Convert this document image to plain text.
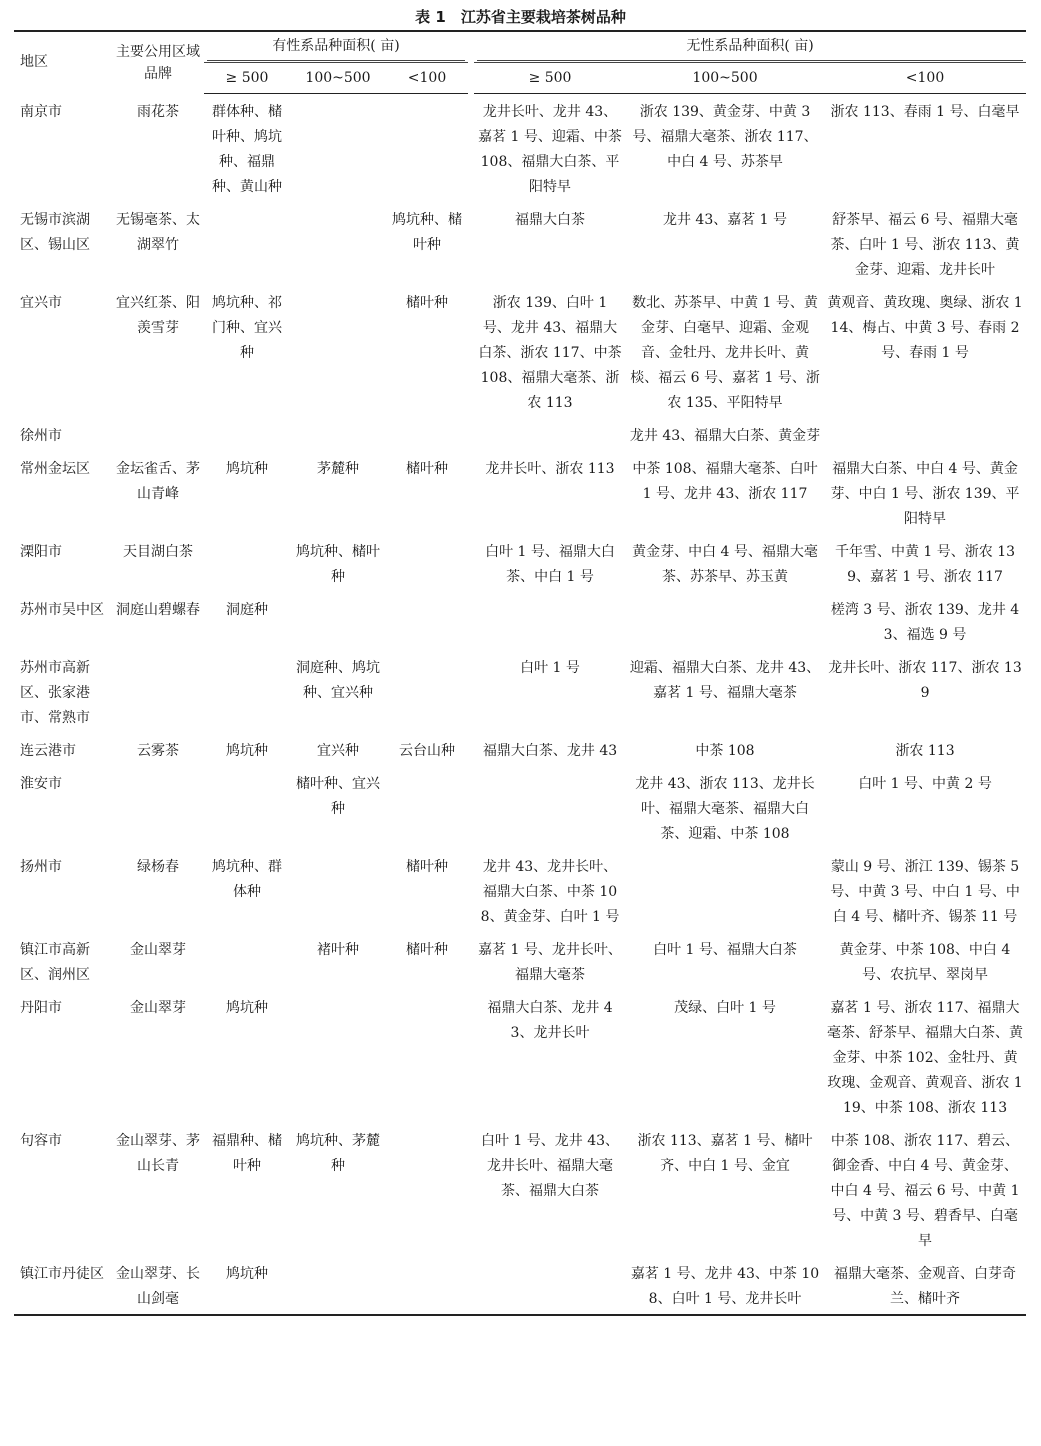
表 1　江苏省主要栽培茶树品种
地区	主要公用区域品牌	有性系品种面积( 亩)				无性系品种面积( 亩)		

		≥ 500	100~500	<100		≥ 500	100~500	<100
南京市	雨花茶	群体种、槠叶种、鸠坑种、福鼎种、黄山种				龙井长叶、龙井 43、嘉茗 1 号、迎霜、中茶 108、福鼎大白茶、平阳特早	浙农 139、黄金芽、中黄 3 号、福鼎大毫茶、浙农 117、中白 4 号、苏茶早	浙农 113、春雨 1 号、白毫早
无锡市滨湖区、锡山区	无锡毫茶、太湖翠竹			鸠坑种、槠叶种		福鼎大白茶	龙井 43、嘉茗 1 号	舒茶早、福云 6 号、福鼎大毫茶、白叶 1 号、浙农 113、黄金芽、迎霜、龙井长叶
宜兴市	宜兴红茶、阳羡雪芽	鸠坑种、祁门种、宜兴种		槠叶种		浙农 139、白叶 1 号、龙井 43、福鼎大白茶、浙农 117、中茶 108、福鼎大毫茶、浙农 113	数北、苏茶早、中黄 1 号、黄金芽、白毫早、迎霜、金观音、金牡丹、龙井长叶、黄棪、福云 6 号、嘉茗 1 号、浙农 135、平阳特早	黄观音、黄玫瑰、奥绿、浙农 114、梅占、中黄 3 号、春雨 2 号、春雨 1 号
徐州市							龙井 43、福鼎大白茶、黄金芽	
常州金坛区	金坛雀舌、茅山青峰	鸠坑种	茅麓种	槠叶种		龙井长叶、浙农 113	中茶 108、福鼎大毫茶、白叶 1 号、龙井 43、浙农 117	福鼎大白茶、中白 4 号、黄金芽、中白 1 号、浙农 139、平阳特早
溧阳市	天目湖白茶		鸠坑种、槠叶种			白叶 1 号、福鼎大白茶、中白 1 号	黄金芽、中白 4 号、福鼎大毫茶、苏茶早、苏玉黄	千年雪、中黄 1 号、浙农 139、嘉茗 1 号、浙农 117
苏州市吴中区	洞庭山碧螺春	洞庭种						槎湾 3 号、浙农 139、龙井 43、福选 9 号
苏州市高新区、张家港市、常熟市			洞庭种、鸠坑种、宜兴种			白叶 1 号	迎霜、福鼎大白茶、龙井 43、嘉茗 1 号、福鼎大毫茶	龙井长叶、浙农 117、浙农 139
连云港市	云雾茶	鸠坑种	宜兴种	云台山种		福鼎大白茶、龙井 43	中茶 108	浙农 113
淮安市			槠叶种、宜兴种				龙井 43、浙农 113、龙井长叶、福鼎大毫茶、福鼎大白茶、迎霜、中茶 108	白叶 1 号、中黄 2 号
扬州市	绿杨春	鸠坑种、群体种		槠叶种		龙井 43、龙井长叶、福鼎大白茶、中茶 108、黄金芽、白叶 1 号		蒙山 9 号、浙江 139、锡茶 5 号、中黄 3 号、中白 1 号、中白 4 号、槠叶齐、锡茶 11 号
镇江市高新区、润州区	金山翠芽		褚叶种	槠叶种		嘉茗 1 号、龙井长叶、福鼎大毫茶	白叶 1 号、福鼎大白茶	黄金芽、中茶 108、中白 4 号、农抗早、翠岗早
丹阳市	金山翠芽	鸠坑种				福鼎大白茶、龙井 43、龙井长叶	茂绿、白叶 1 号	嘉茗 1 号、浙农 117、福鼎大毫茶、舒茶早、福鼎大白茶、黄金芽、中茶 102、金牡丹、黄玫瑰、金观音、黄观音、浙农 119、中茶 108、浙农 113
句容市	金山翠芽、茅山长青	福鼎种、槠叶种	鸠坑种、茅麓种			白叶 1 号、龙井 43、龙井长叶、福鼎大毫茶、福鼎大白茶	浙农 113、嘉茗 1 号、槠叶齐、中白 1 号、金宜	中茶 108、浙农 117、碧云、御金香、中白 4 号、黄金芽、中白 4 号、福云 6 号、中黄 1 号、中黄 3 号、碧香早、白毫早
镇江市丹徒区	金山翠芽、长山剑毫	鸠坑种					嘉茗 1 号、龙井 43、中茶 108、白叶 1 号、龙井长叶	福鼎大毫茶、金观音、白芽奇兰、槠叶齐
